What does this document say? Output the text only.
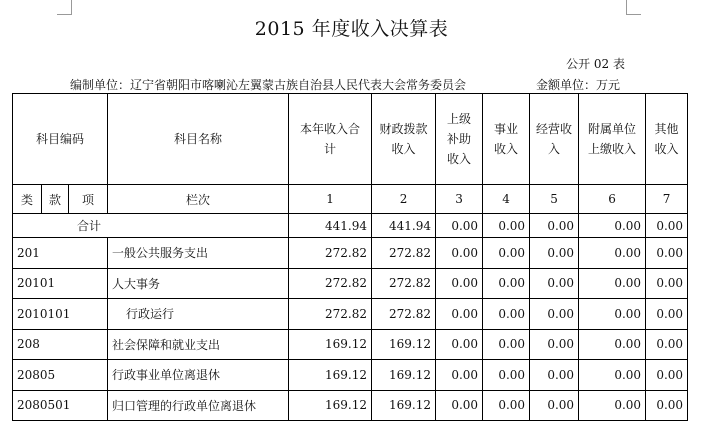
2015 年度收入决算表
公开 02 表
编制单位：辽宁省朝阳市喀喇沁左翼蒙古族自治县人民代表大会常务委员会	金额单位：万元
科目编码			科目名称	本年收入合计	财政拨款收入	上级补助收入	事业收入	经营收入	附属单位上缴收入	其他收入
类	款	项	栏次	1	2	3	4	5	6	7
合计				441.94	441.94	0.00	0.00	0.00	0.00	0.00
201			一般公共服务支出	272.82	272.82	0.00	0.00	0.00	0.00	0.00
20101			人大事务	272.82	272.82	0.00	0.00	0.00	0.00	0.00
2010101			行政运行	272.82	272.82	0.00	0.00	0.00	0.00	0.00
208			社会保障和就业支出	169.12	169.12	0.00	0.00	0.00	0.00	0.00
20805			行政事业单位离退休	169.12	169.12	0.00	0.00	0.00	0.00	0.00
2080501			归口管理的行政单位离退休	169.12	169.12	0.00	0.00	0.00	0.00	0.00
